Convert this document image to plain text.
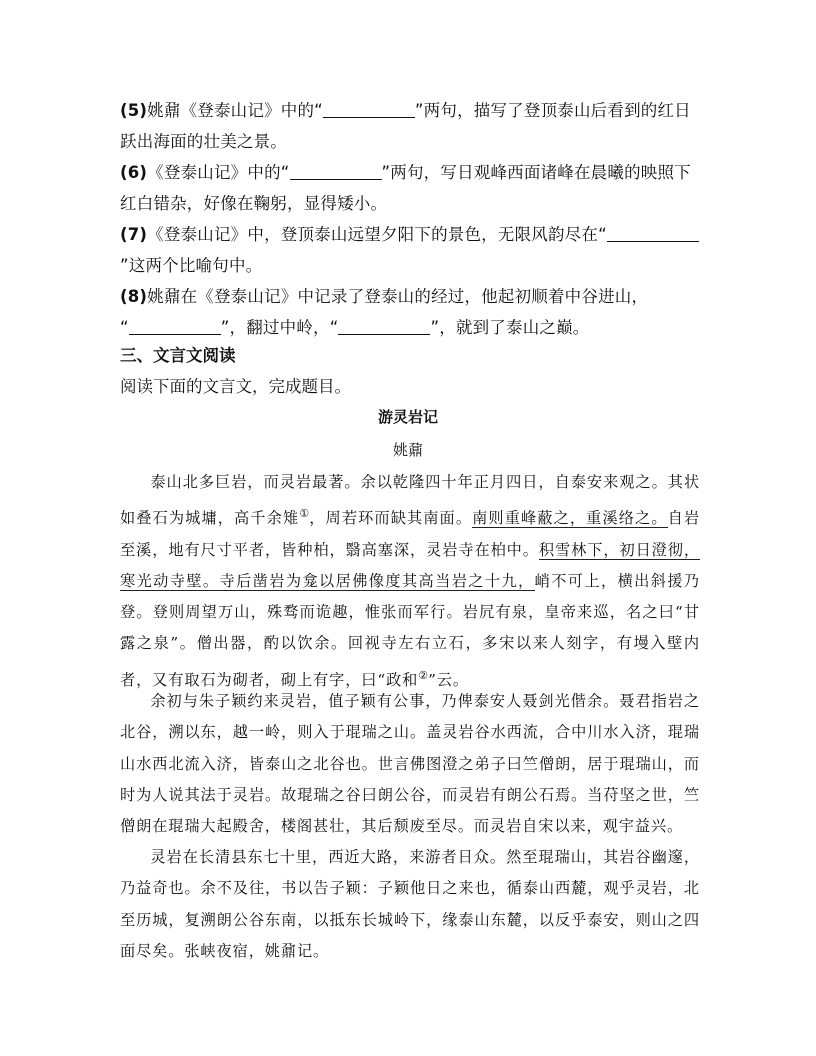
(5)姚鼐《登泰山记》中的“	”两句，描写了登顶泰山后看到的红日跃出海面的壮美之景。
(6)《登泰山记》中的“	”两句，写日观峰西面诸峰在晨曦的映照下红白错杂，好像在鞠躬，显得矮小。
(7)《登泰山记》中，登顶泰山远望夕阳下的景色，无限风韵尽在“”这两个比喻句中。
(8)姚鼐在《登泰山记》中记录了登泰山的经过，他起初顺着中谷进山，
“	”，翻过中岭，“	”，就到了泰山之巅。
三、文言文阅读
阅读下面的文言文，完成题目。
游灵岩记
姚鼐
泰山北多巨岩，而灵岩最著。余以乾隆四十年正月四日，自泰安来观之。其状如叠石为城墉，高千余雉①，周若环而缺其南面。南则重峰蔽之，重溪络之。自岩至溪，地有尺寸平者，皆种柏，翳高塞深，灵岩寺在柏中。积雪林下，初日澄彻，寒光动寺壁。寺后凿岩为龛以居佛像度其高当岩之十九，峭不可上，横出斜援乃登。登则周望万山，殊骛而诡趣，惟张而军行。岩凥有泉，皇帝来巡，名之曰“甘露之泉”。僧出器，酌以饮余。回视寺左右立石，多宋以来人刻字，有墁入壁内者，又有取石为砌者，砌上有字，曰“政和②”云。
余初与朱子颖约来灵岩，值子颖有公事，乃俾泰安人聂剑光偕余。聂君指岩之北谷，溯以东，越一岭，则入于琨瑞之山。盖灵岩谷水西流，合中川水入济，琨瑞山水西北流入济，皆泰山之北谷也。世言佛图澄之弟子曰竺僧朗，居于琨瑞山，而时为人说其法于灵岩。故琨瑞之谷曰朗公谷，而灵岩有朗公石焉。当苻坚之世，竺僧朗在琨瑞大起殿舍，楼阁甚壮，其后颓废至尽。而灵岩自宋以来，观宇益兴。
灵岩在长清县东七十里，西近大路，来游者日众。然至琨瑞山，其岩谷幽邃，乃益奇也。余不及往，书以告子颖：子颖他日之来也，循泰山西麓，观乎灵岩，北至历城，复溯朗公谷东南，以抵东长城岭下，缘泰山东麓，以反乎泰安，则山之四面尽矣。张峡夜宿，姚鼐记。
